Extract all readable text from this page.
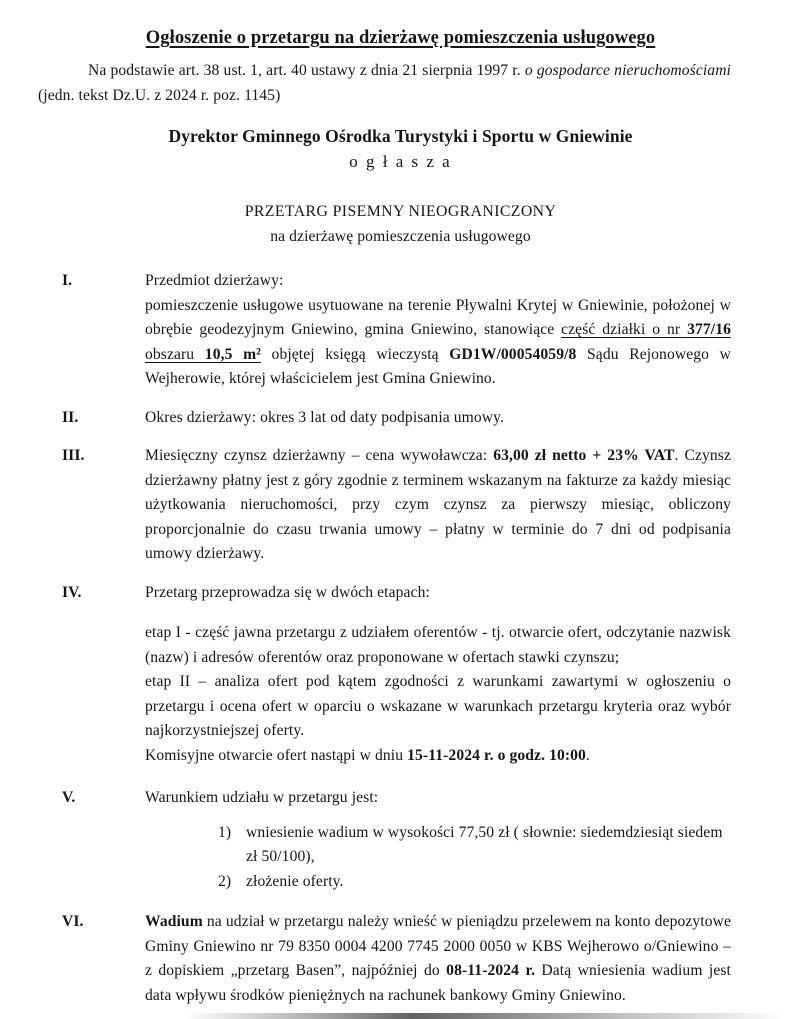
Ogłoszenie o przetargu na dzierżawę pomieszczenia usługowego

Na podstawie art. 38 ust. 1, art. 40 ustawy z dnia 21 sierpnia 1997 r. o gospodarce nieruchomościami (jedn. tekst Dz.U. z 2024 r. poz. 1145)

Dyrektor Gminnego Ośrodka Turystyki i Sportu w Gniewinie

o g ł a s z a

PRZETARG PISEMNY NIEOGRANICZONY

na dzierżawę pomieszczenia usługowego

I.	Przedmiot dzierżawy:

pomieszczenie usługowe usytuowane na terenie Pływalni Krytej w Gniewinie, położonej w obrębie geodezyjnym Gniewino, gmina Gniewino, stanowiące część działki o nr 377/16 obszaru 10,5 m² objętej księgą wieczystą GD1W/00054059/8 Sądu Rejonowego w Wejherowie, której właścicielem jest Gmina Gniewino.

II.	Okres dzierżawy: okres 3 lat od daty podpisania umowy.

III.	Miesięczny czynsz dzierżawny – cena wywoławcza: 63,00 zł netto + 23% VAT. Czynsz dzierżawny płatny jest z góry zgodnie z terminem wskazanym na fakturze za każdy miesiąc użytkowania nieruchomości, przy czym czynsz za pierwszy miesiąc, obliczony proporcjonalnie do czasu trwania umowy – płatny w terminie do 7 dni od podpisania umowy dzierżawy.

IV.	Przetarg przeprowadza się w dwóch etapach:

etap I - część jawna przetargu z udziałem oferentów - tj. otwarcie ofert, odczytanie nazwisk (nazw) i adresów oferentów oraz proponowane w ofertach stawki czynszu;

etap II – analiza ofert pod kątem zgodności z warunkami zawartymi w ogłoszeniu o przetargu i ocena ofert w oparciu o wskazane w warunkach przetargu kryteria oraz wybór najkorzystniejszej oferty.

Komisyjne otwarcie ofert nastąpi w dniu 15-11-2024 r. o godz. 10:00.

V.	Warunkiem udziału w przetargu jest:

1) wniesienie wadium w wysokości 77,50 zł ( słownie: siedemdziesiąt siedem zł 50/100),
2) złożenie oferty.
VI.	Wadium na udział w przetargu należy wnieść w pieniądzu przelewem na konto depozytowe Gminy Gniewino nr 79 8350 0004 4200 7745 2000 0050 w KBS Wejherowo o/Gniewino – z dopiskiem „przetarg Basen”, najpóźniej do 08-11-2024 r. Datą wniesienia wadium jest data wpływu środków pieniężnych na rachunek bankowy Gminy Gniewino.
